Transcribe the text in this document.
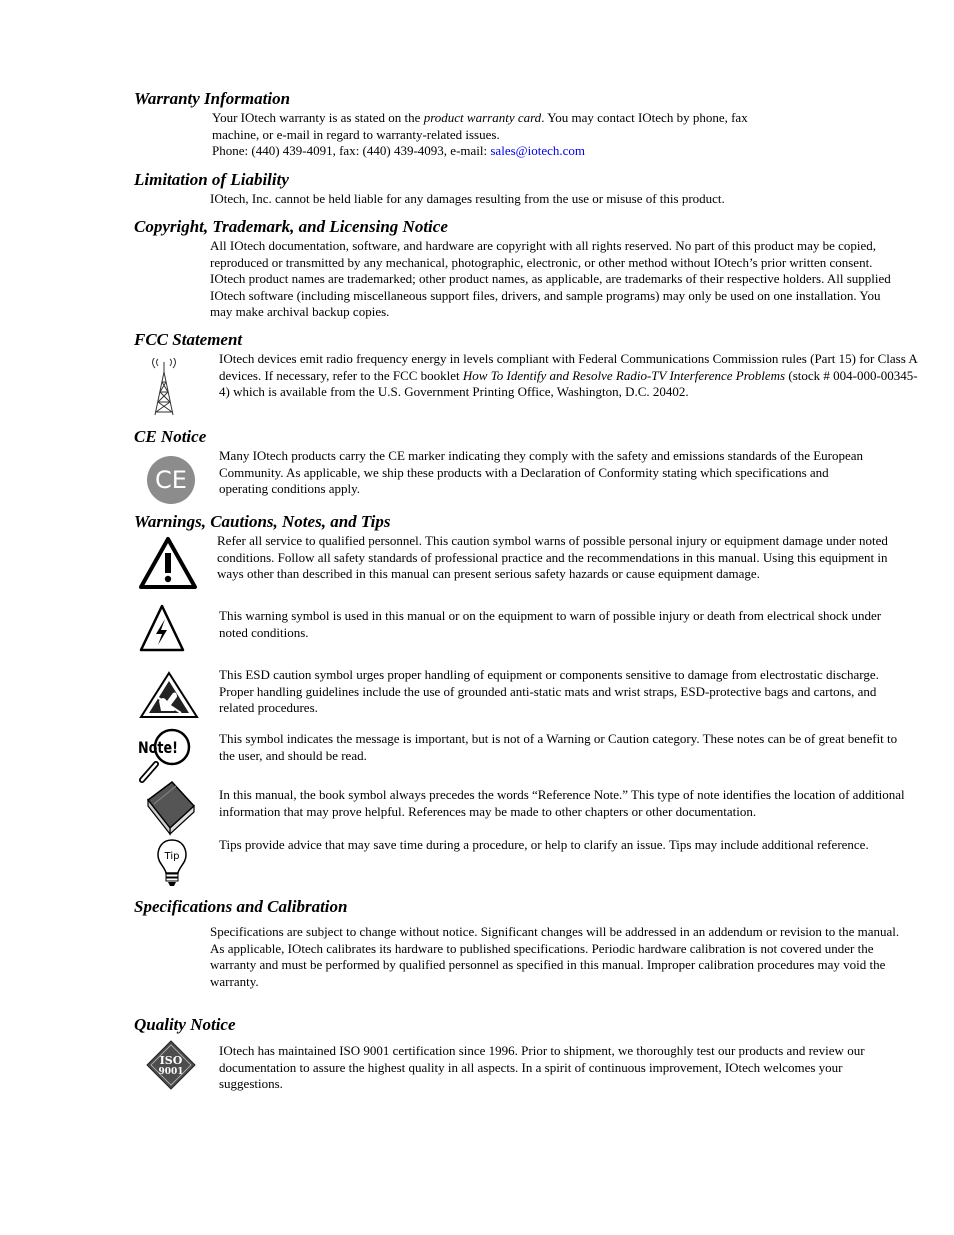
Warranty Information
Your IOtech warranty is as stated on the product warranty card. You may contact IOtech by phone, fax machine, or e-mail in regard to warranty-related issues.
Phone: (440) 439-4091, fax: (440) 439-4093, e-mail: sales@iotech.com
Limitation of Liability

IOtech, Inc. cannot be held liable for any damages resulting from the use or misuse of this product.

Copyright, Trademark, and Licensing Notice

All IOtech documentation, software, and hardware are copyright with all rights reserved. No part of this product may be copied, reproduced or transmitted by any mechanical, photographic, electronic, or other method without IOtech’s prior written consent. IOtech product names are trademarked; other product names, as applicable, are trademarks of their respective holders. All supplied IOtech software (including miscellaneous support files, drivers, and sample programs) may only be used on one installation. You may make archival backup copies.

FCC Statement
IOtech devices emit radio frequency energy in levels compliant with Federal Communications Commission rules (Part 15) for Class A devices. If necessary, refer to the FCC booklet How To Identify and Resolve Radio-TV Interference Problems (stock # 004-000-00345-4) which is available from the U.S. Government Printing Office, Washington, D.C. 20402.
CE Notice
CE

Many IOtech products carry the CE marker indicating they comply with the safety and emissions standards of the European Community. As applicable, we ship these products with a Declaration of Conformity stating which specifications and operating conditions apply.

Warnings, Cautions, Notes, and Tips

Refer all service to qualified personnel. This caution symbol warns of possible personal injury or equipment damage under noted conditions. Follow all safety standards of professional practice and the recommendations in this manual. Using this equipment in ways other than described in this manual can present serious safety hazards or cause equipment damage.

This warning symbol is used in this manual or on the equipment to warn of possible injury or death from electrical shock under noted conditions.

This ESD caution symbol urges proper handling of equipment or components sensitive to damage from electrostatic discharge. Proper handling guidelines include the use of grounded anti-static mats and wrist straps, ESD-protective bags and cartons, and related procedures.

Note!	This symbol indicates the message is important, but is not of a Warning or Caution category. These notes can be of great benefit to the user, and should be read.

In this manual, the book symbol always precedes the words “Reference Note.” This type of note identifies the location of additional information that may prove helpful. References may be made to other chapters or other documentation.

Tip

Tips provide advice that may save time during a procedure, or help to clarify an issue. Tips may include additional reference.

Specifications and Calibration

Specifications are subject to change without notice. Significant changes will be addressed in an addendum or revision to the manual. As applicable, IOtech calibrates its hardware to published specifications. Periodic hardware calibration is not covered under the warranty and must be performed by qualified personnel as specified in this manual. Improper calibration procedures may void the warranty.

Quality Notice
ISO
9001

IOtech has maintained ISO 9001 certification since 1996. Prior to shipment, we thoroughly test our products and review our documentation to assure the highest quality in all aspects. In a spirit of continuous improvement, IOtech welcomes your suggestions.
